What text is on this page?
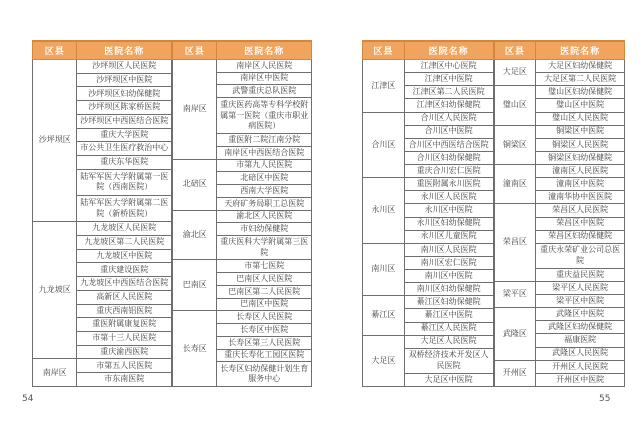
区县	医院名称
沙坪坝区	沙坪坝区人民医院
	沙坪坝区中医院
	沙坪坝区妇幼保健院
	沙坪坝区陈家桥医院
	沙坪坝区中西医结合医院
	重庆大学医院
	市公共卫生医疗救治中心
	重庆东华医院
	陆军军医大学附属第一医院（西南医院）
	陆军军医大学附属第二医院（新桥医院）
九龙坡区	九龙坡区人民医院
	九龙坡区第二人民医院
	九龙坡区中医院
	重庆建设医院
	九龙坡区中西医结合医院
	高新区人民医院
	重庆西南铝医院
	重医附属康复医院
	市第十三人民医院
	重庆渝西医院
南岸区	市第五人民医院
	市东南医院
区县	医院名称
南岸区	南岸区人民医院
	南岸区中医院
	武警重庆总队医院
	重庆医药高等专科学校附属第一医院（重庆市职业病医院）
	重医附二院江南分院
	南岸区中西医结合医院
北碚区	市第九人民医院
	北碚区中医院
	西南大学医院
	天府矿务局职工总医院
渝北区	渝北区人民医院
	市妇幼保健院
	重庆医科大学附属第三医院
巴南区	市第七医院
	巴南区人民医院
	巴南区第二人民医院
	巴南区中医院
长寿区	长寿区人民医院
	长寿区中医院
	长寿区第三人民医院
	重庆长寿化工园区医院
	长寿区妇幼保健计划生育服务中心
区县	医院名称
江津区	江津区中心医院
	江津区中医院
	江津区第二人民医院
	江津区妇幼保健院
合川区	合川区人民医院
	合川区中医院
	合川区中西医结合医院
	合川区妇幼保健院
	重庆合川宏仁医院
永川区	重医附属永川医院
	永川区人民医院
	永川区中医院
	永川区妇幼保健院
	永川区儿童医院
南川区	南川区人民医院
	南川区宏仁医院
	南川区中医院
	南川区妇幼保健院
綦江区	綦江区妇幼保健院
	綦江区中医院
	綦江区人民医院
大足区	大足区人民医院
	双桥经济技术开发区人民医院
	大足区中医院
区县	医院名称
大足区	大足区妇幼保健院
	大足区第二人民医院
璧山区	璧山区妇幼保健院
	璧山区中医院
	璧山区人民医院
铜梁区	铜梁区中医院
	铜梁区人民医院
	铜梁区妇幼保健院
潼南区	潼南区人民医院
	潼南区中医院
	潼南华协中医医院
荣昌区	荣昌区人民医院
	荣昌区中医院
	荣昌区妇幼保健院
	重庆永荣矿业公司总医院
	重庆益民医院
梁平区	梁平区人民医院
	梁平区中医院
武隆区	武隆区中医院
	武隆区妇幼保健院
	福康医院
	武隆区人民医院
开州区	开州区人民医院
	开州区中医院
54	55
